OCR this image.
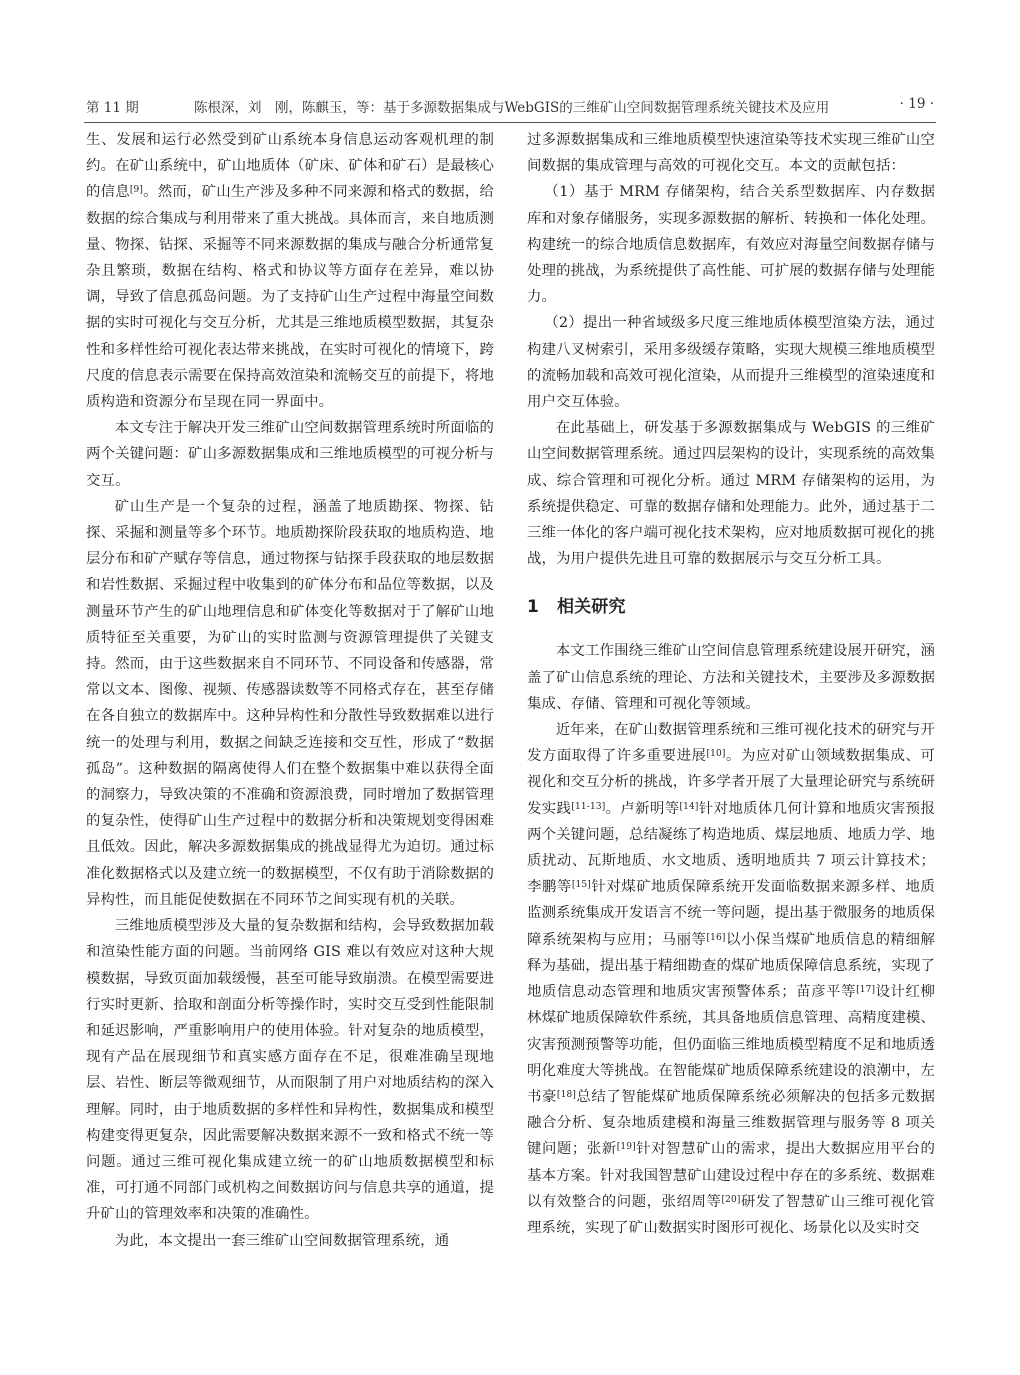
第 11 期	陈根深，刘　刚，陈麒玉，等：基于多源数据集成与WebGIS的三维矿山空间数据管理系统关键技术及应用	· 19 ·

生、发展和运行必然受到矿山系统本身信息运动客观机理的制约。在矿山系统中，矿山地质体（矿床、矿体和矿石）是最核心的信息[9]。然而，矿山生产涉及多种不同来源和格式的数据，给数据的综合集成与利用带来了重大挑战。具体而言，来自地质测量、物探、钻探、采掘等不同来源数据的集成与融合分析通常复杂且繁琐，数据在结构、格式和协议等方面存在差异，难以协调，导致了信息孤岛问题。为了支持矿山生产过程中海量空间数据的实时可视化与交互分析，尤其是三维地质模型数据，其复杂性和多样性给可视化表达带来挑战，在实时可视化的情境下，跨尺度的信息表示需要在保持高效渲染和流畅交互的前提下，将地质构造和资源分布呈现在同一界面中。

本文专注于解决开发三维矿山空间数据管理系统时所面临的两个关键问题：矿山多源数据集成和三维地质模型的可视分析与交互。

矿山生产是一个复杂的过程，涵盖了地质勘探、物探、钻探、采掘和测量等多个环节。地质勘探阶段获取的地质构造、地层分布和矿产赋存等信息，通过物探与钻探手段获取的地层数据和岩性数据、采掘过程中收集到的矿体分布和品位等数据，以及测量环节产生的矿山地理信息和矿体变化等数据对于了解矿山地质特征至关重要，为矿山的实时监测与资源管理提供了关键支持。然而，由于这些数据来自不同环节、不同设备和传感器，常常以文本、图像、视频、传感器读数等不同格式存在，甚至存储在各自独立的数据库中。这种异构性和分散性导致数据难以进行统一的处理与利用，数据之间缺乏连接和交互性，形成了“数据孤岛”。这种数据的隔离使得人们在整个数据集中难以获得全面的洞察力，导致决策的不准确和资源浪费，同时增加了数据管理的复杂性，使得矿山生产过程中的数据分析和决策规划变得困难且低效。因此，解决多源数据集成的挑战显得尤为迫切。通过标准化数据格式以及建立统一的数据模型，不仅有助于消除数据的异构性，而且能促使数据在不同环节之间实现有机的关联。

三维地质模型涉及大量的复杂数据和结构，会导致数据加载和渲染性能方面的问题。当前网络 GIS 难以有效应对这种大规模数据，导致页面加载缓慢，甚至可能导致崩溃。在模型需要进行实时更新、拾取和剖面分析等操作时，实时交互受到性能限制和延迟影响，严重影响用户的使用体验。针对复杂的地质模型，现有产品在展现细节和真实感方面存在不足，很难准确呈现地层、岩性、断层等微观细节，从而限制了用户对地质结构的深入理解。同时，由于地质数据的多样性和异构性，数据集成和模型构建变得更复杂，因此需要解决数据来源不一致和格式不统一等问题。通过三维可视化集成建立统一的矿山地质数据模型和标准，可打通不同部门或机构之间数据访问与信息共享的通道，提升矿山的管理效率和决策的准确性。

为此，本文提出一套三维矿山空间数据管理系统，通

过多源数据集成和三维地质模型快速渲染等技术实现三维矿山空间数据的集成管理与高效的可视化交互。本文的贡献包括：

（1）基于 MRM 存储架构，结合关系型数据库、内存数据库和对象存储服务，实现多源数据的解析、转换和一体化处理。构建统一的综合地质信息数据库，有效应对海量空间数据存储与处理的挑战，为系统提供了高性能、可扩展的数据存储与处理能力。

（2）提出一种省域级多尺度三维地质体模型渲染方法，通过构建八叉树索引，采用多级缓存策略，实现大规模三维地质模型的流畅加载和高效可视化渲染，从而提升三维模型的渲染速度和用户交互体验。

在此基础上，研发基于多源数据集成与 WebGIS 的三维矿山空间数据管理系统。通过四层架构的设计，实现系统的高效集成、综合管理和可视化分析。通过 MRM 存储架构的运用，为系统提供稳定、可靠的数据存储和处理能力。此外，通过基于二三维一体化的客户端可视化技术架构，应对地质数据可视化的挑战，为用户提供先进且可靠的数据展示与交互分析工具。

1 相关研究

本文工作围绕三维矿山空间信息管理系统建设展开研究，涵盖了矿山信息系统的理论、方法和关键技术，主要涉及多源数据集成、存储、管理和可视化等领域。

近年来，在矿山数据管理系统和三维可视化技术的研究与开发方面取得了许多重要进展[10]。为应对矿山领域数据集成、可视化和交互分析的挑战，许多学者开展了大量理论研究与系统研发实践[11-13]。卢新明等[14]针对地质体几何计算和地质灾害预报两个关键问题，总结凝练了构造地质、煤层地质、地质力学、地质扰动、瓦斯地质、水文地质、透明地质共 7 项云计算技术；李鹏等[15]针对煤矿地质保障系统开发面临数据来源多样、地质监测系统集成开发语言不统一等问题，提出基于微服务的地质保障系统架构与应用；马丽等[16]以小保当煤矿地质信息的精细解释为基础，提出基于精细勘查的煤矿地质保障信息系统，实现了地质信息动态管理和地质灾害预警体系；苗彦平等[17]设计红柳林煤矿地质保障软件系统，其具备地质信息管理、高精度建模、灾害预测预警等功能，但仍面临三维地质模型精度不足和地质透明化难度大等挑战。在智能煤矿地质保障系统建设的浪潮中，左书豪[18]总结了智能煤矿地质保障系统必须解决的包括多元数据融合分析、复杂地质建模和海量三维数据管理与服务等 8 项关键问题；张新[19]针对智慧矿山的需求，提出大数据应用平台的基本方案。针对我国智慧矿山建设过程中存在的多系统、数据难以有效整合的问题，张绍周等[20]研发了智慧矿山三维可视化管理系统，实现了矿山数据实时图形可视化、场景化以及实时交
